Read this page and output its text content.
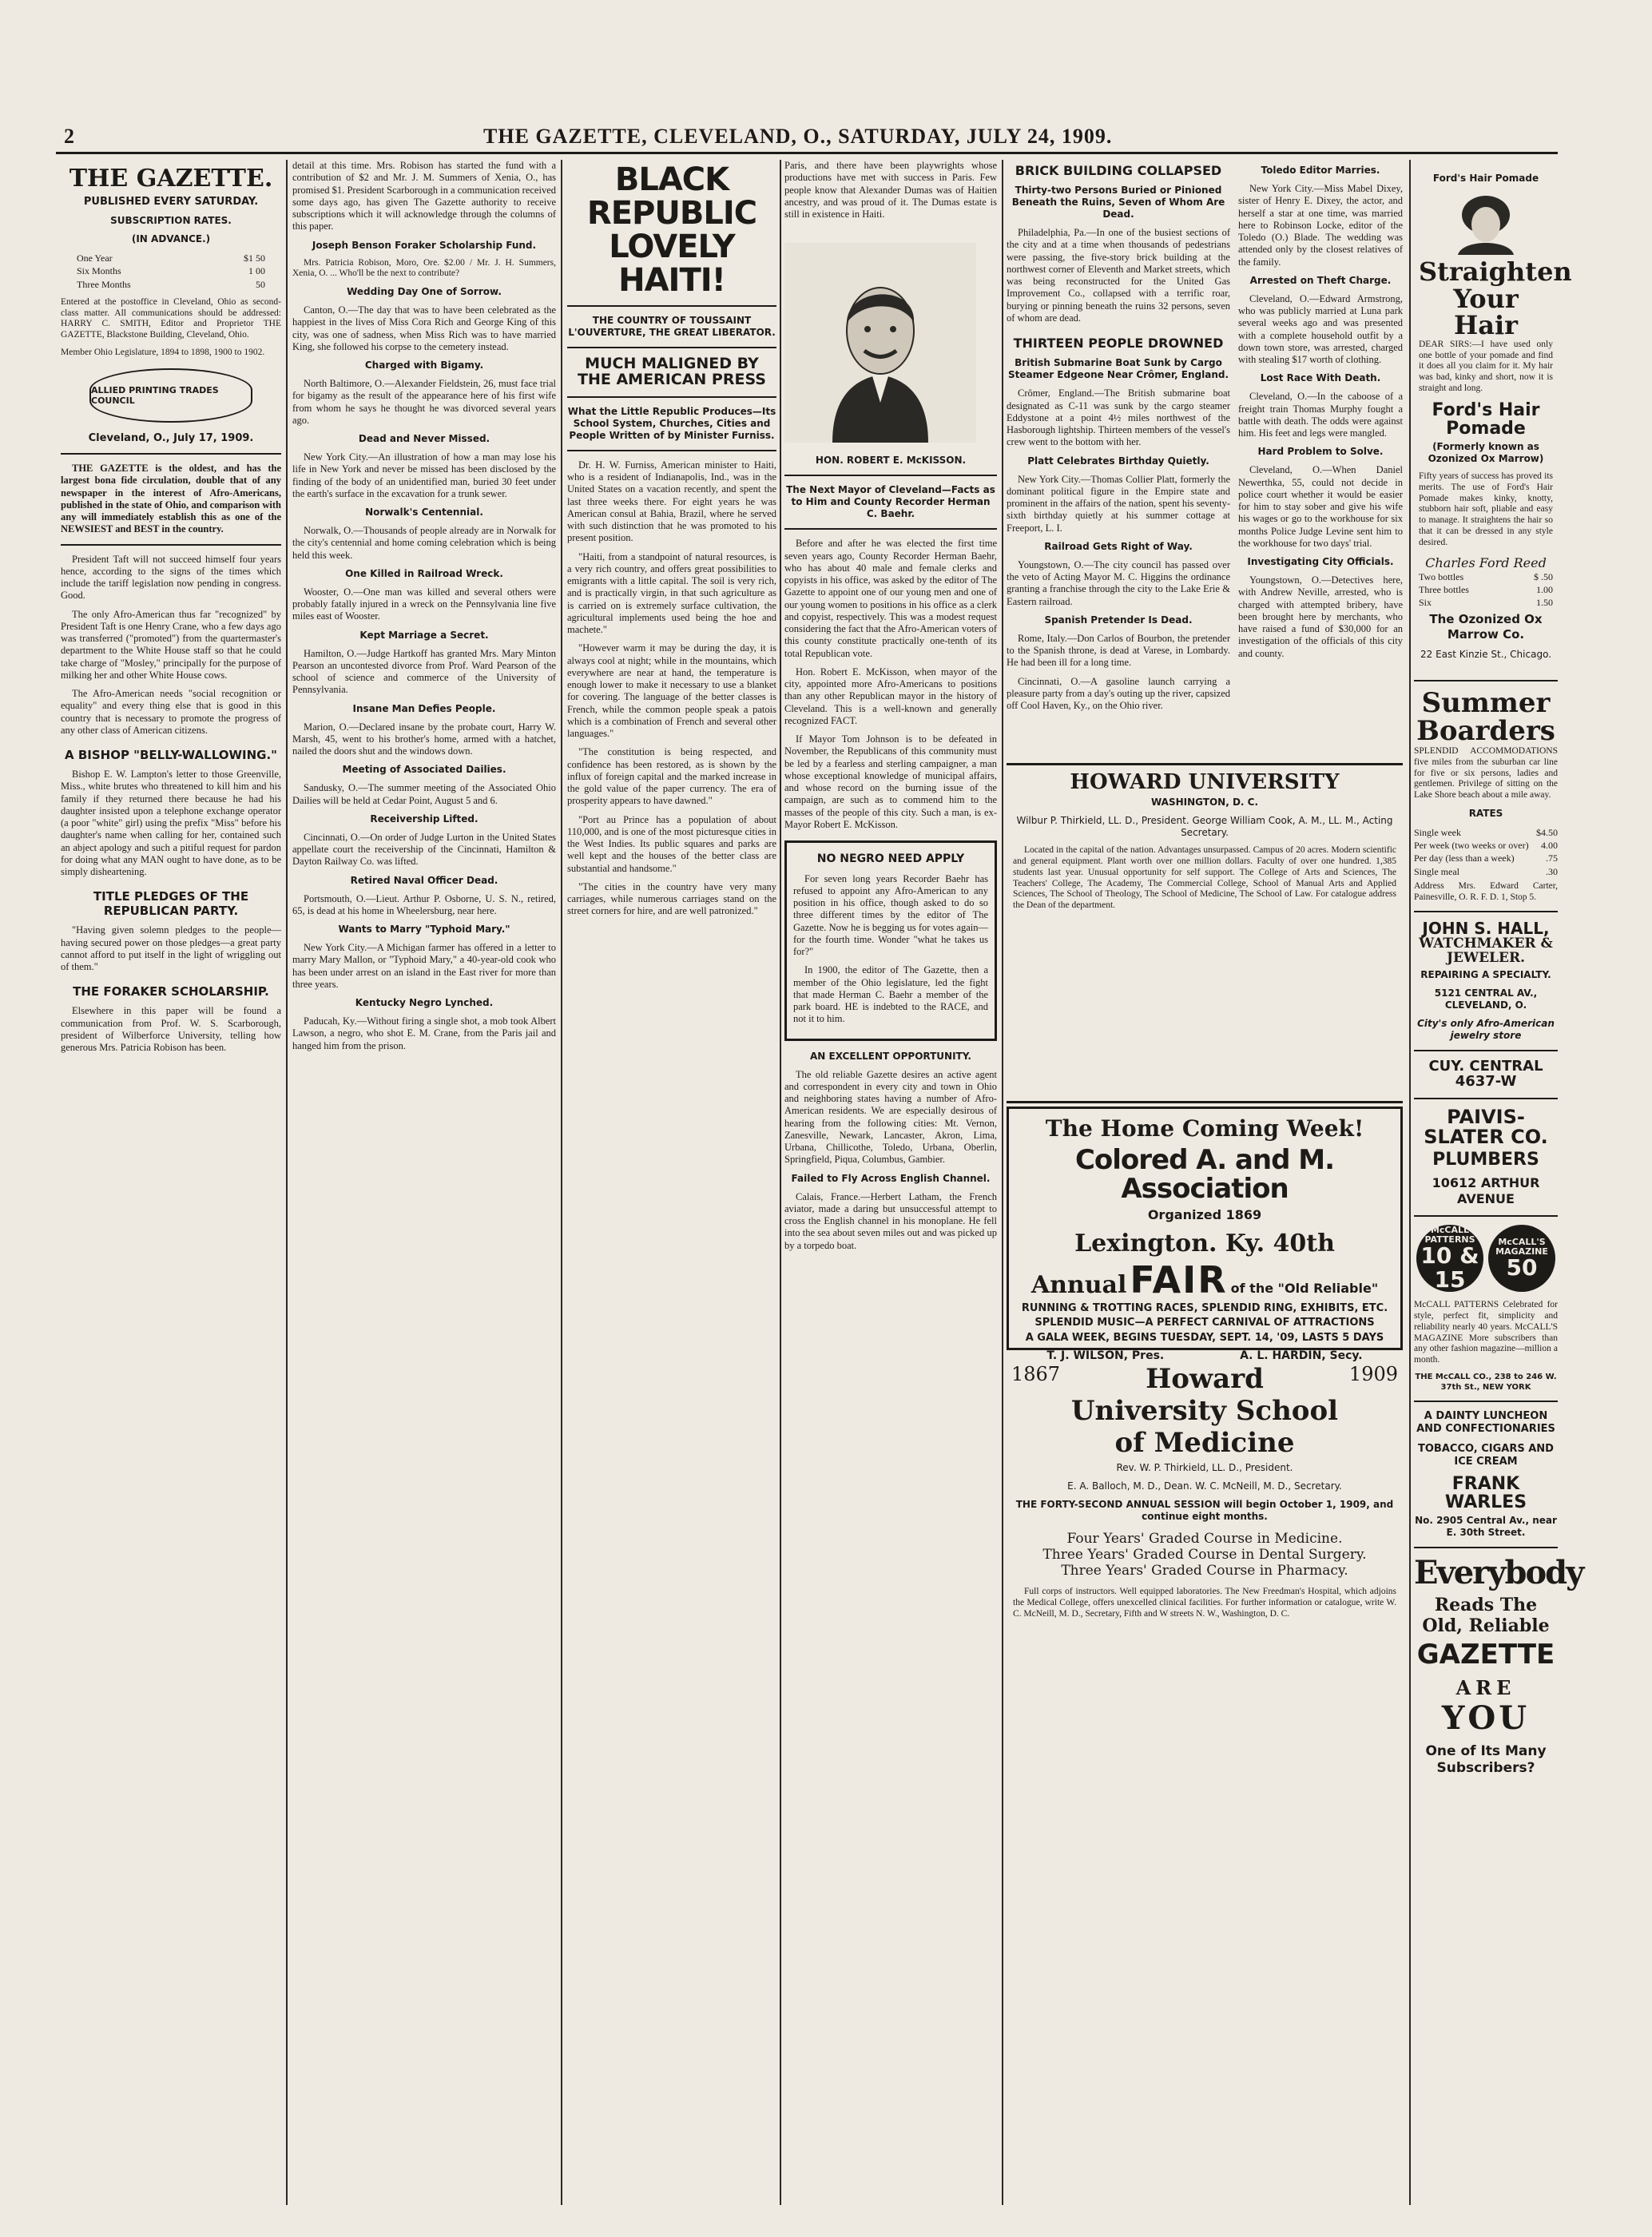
2	THE GAZETTE, CLEVELAND, O., SATURDAY, JULY 24, 1909.
THE GAZETTE.
PUBLISHED EVERY SATURDAY.
SUBSCRIPTION RATES.
(IN ADVANCE.)
One Year	$1 50
Six Months	1 00
Three Months	50

Entered at the postoffice in Cleveland, Ohio as second-class matter. All communications should be addressed: HARRY C. SMITH, Editor and Proprietor THE GAZETTE, Blackstone Building, Cleveland, Ohio.

Member Ohio Legislature, 1894 to 1898, 1900 to 1902.

ALLIED PRINTING TRADES COUNCIL
Cleveland, O., July 17, 1909.

THE GAZETTE is the oldest, and has the largest bona fide circulation, double that of any newspaper in the interest of Afro-Americans, published in the state of Ohio, and comparison with any will immediately establish this as one of the NEWSIEST and BEST in the country.

President Taft will not succeed himself four years hence, according to the signs of the times which include the tariff legislation now pending in congress. Good.

The only Afro-American thus far "recognized" by President Taft is one Henry Crane, who a few days ago was transferred ("promoted") from the quartermaster's department to the White House staff so that he could take charge of "Mosley," principally for the purpose of milking her and other White House cows.

The Afro-American needs "social recognition or equality" and every thing else that is good in this country that is necessary to promote the progress of any other class of American citizens.

A BISHOP "BELLY-WALLOWING."

Bishop E. W. Lampton's letter to those Greenville, Miss., white brutes who threatened to kill him and his family if they returned there because he had his daughter insisted upon a telephone exchange operator (a poor "white" girl) using the prefix "Miss" before his daughter's name when calling for her, contained such an abject apology and such a pitiful request for pardon for doing what any MAN ought to have done, as to be simply disheartening.

TITLE PLEDGES OF THE REPUBLICAN PARTY.

"Having given solemn pledges to the people—having secured power on those pledges—a great party cannot afford to put itself in the light of wriggling out of them."

THE FORAKER SCHOLARSHIP.

Elsewhere in this paper will be found a communication from Prof. W. S. Scarborough, president of Wilberforce University, telling how generous Mrs. Patricia Robison has been.

detail at this time. Mrs. Robison has started the fund with a contribution of $2 and Mr. J. M. Summers of Xenia, O., has promised $1. President Scarborough in a communication received some days ago, has given The Gazette authority to receive subscriptions which it will acknowledge through the columns of this paper.

Joseph Benson Foraker Scholarship Fund.

Mrs. Patricia Robison, Moro, Ore. $2.00 / Mr. J. H. Summers, Xenia, O. ... Who'll be the next to contribute?

Wedding Day One of Sorrow.

Canton, O.—The day that was to have been celebrated as the happiest in the lives of Miss Cora Rich and George King of this city, was one of sadness, when Miss Rich was to have married King, she followed his corpse to the cemetery instead.

Charged with Bigamy.

North Baltimore, O.—Alexander Fieldstein, 26, must face trial for bigamy as the result of the appearance here of his first wife from whom he says he thought he was divorced several years ago.

Dead and Never Missed.

New York City.—An illustration of how a man may lose his life in New York and never be missed has been disclosed by the finding of the body of an unidentified man, buried 30 feet under the earth's surface in the excavation for a trunk sewer.

Norwalk's Centennial.

Norwalk, O.—Thousands of people already are in Norwalk for the city's centennial and home coming celebration which is being held this week.

One Killed in Railroad Wreck.

Wooster, O.—One man was killed and several others were probably fatally injured in a wreck on the Pennsylvania line five miles east of Wooster.

Kept Marriage a Secret.

Hamilton, O.—Judge Hartkoff has granted Mrs. Mary Minton Pearson an uncontested divorce from Prof. Ward Pearson of the school of science and commerce of the University of Pennsylvania.

Insane Man Defies People.

Marion, O.—Declared insane by the probate court, Harry W. Marsh, 45, went to his brother's home, armed with a hatchet, nailed the doors shut and the windows down.

Meeting of Associated Dailies.

Sandusky, O.—The summer meeting of the Associated Ohio Dailies will be held at Cedar Point, August 5 and 6.

Receivership Lifted.

Cincinnati, O.—On order of Judge Lurton in the United States appellate court the receivership of the Cincinnati, Hamilton & Dayton Railway Co. was lifted.

Retired Naval Officer Dead.

Portsmouth, O.—Lieut. Arthur P. Osborne, U. S. N., retired, 65, is dead at his home in Wheelersburg, near here.

Wants to Marry "Typhoid Mary."

New York City.—A Michigan farmer has offered in a letter to marry Mary Mallon, or "Typhoid Mary," a 40-year-old cook who has been under arrest on an island in the East river for more than three years.

Kentucky Negro Lynched.

Paducah, Ky.—Without firing a single shot, a mob took Albert Lawson, a negro, who shot E. M. Crane, from the Paris jail and hanged him from the prison.

BLACK REPUBLIC LOVELY HAITI!
THE COUNTRY OF TOUSSAINT L'OUVERTURE, THE GREAT LIBERATOR.
MUCH MALIGNED BY THE AMERICAN PRESS
What the Little Republic Produces—Its School System, Churches, Cities and People Written of by Minister Furniss.

Dr. H. W. Furniss, American minister to Haiti, who is a resident of Indianapolis, Ind., was in the United States on a vacation recently, and spent the last three weeks there. For eight years he was American consul at Bahia, Brazil, where he served with such distinction that he was promoted to his present position.

"Haiti, from a standpoint of natural resources, is a very rich country, and offers great possibilities to emigrants with a little capital. The soil is very rich, and is practically virgin, in that such agriculture as is carried on is extremely surface cultivation, the agricultural implements used being the hoe and machete."

"However warm it may be during the day, it is always cool at night; while in the mountains, which everywhere are near at hand, the temperature is enough lower to make it necessary to use a blanket for covering. The language of the better classes is French, while the common people speak a patois which is a combination of French and several other languages."

"The constitution is being respected, and confidence has been restored, as is shown by the influx of foreign capital and the marked increase in the gold value of the paper currency. The era of prosperity appears to have dawned."

"Port au Prince has a population of about 110,000, and is one of the most picturesque cities in the West Indies. Its public squares and parks are well kept and the houses of the better class are substantial and handsome."

"The cities in the country have very many carriages, while numerous carriages stand on the street corners for hire, and are well patronized."

Paris, and there have been playwrights whose productions have met with success in Paris. Few people know that Alexander Dumas was of Haitien ancestry, and was proud of it. The Dumas estate is still in existence in Haiti.

HON. ROBERT E. McKISSON.
The Next Mayor of Cleveland—Facts as to Him and County Recorder Herman C. Baehr.

Before and after he was elected the first time seven years ago, County Recorder Herman Baehr, who has about 40 male and female clerks and copyists in his office, was asked by the editor of The Gazette to appoint one of our young men and one of our young women to positions in his office as a clerk and copyist, respectively. This was a modest request considering the fact that the Afro-American voters of this county constitute practically one-tenth of its total Republican vote.

Hon. Robert E. McKisson, when mayor of the city, appointed more Afro-Americans to positions than any other Republican mayor in the history of Cleveland. This is a well-known and generally recognized FACT.

If Mayor Tom Johnson is to be defeated in November, the Republicans of this community must be led by a fearless and sterling campaigner, a man whose exceptional knowledge of municipal affairs, and whose record on the burning issue of the campaign, are such as to commend him to the masses of the people of this city. Such a man, is ex-Mayor Robert E. McKisson.

NO NEGRO NEED APPLY

For seven long years Recorder Baehr has refused to appoint any Afro-American to any position in his office, though asked to do so three different times by the editor of The Gazette. Now he is begging us for votes again—for the fourth time. Wonder "what he takes us for?"

In 1900, the editor of The Gazette, then a member of the Ohio legislature, led the fight that made Herman C. Baehr a member of the park board. HE is indebted to the RACE, and not it to him.

AN EXCELLENT OPPORTUNITY.

The old reliable Gazette desires an active agent and correspondent in every city and town in Ohio and neighboring states having a number of Afro-American residents. We are especially desirous of hearing from the following cities: Mt. Vernon, Zanesville, Newark, Lancaster, Akron, Lima, Urbana, Chillicothe, Toledo, Urbana, Oberlin, Springfield, Piqua, Columbus, Gambier.

Failed to Fly Across English Channel.

Calais, France.—Herbert Latham, the French aviator, made a daring but unsuccessful attempt to cross the English channel in his monoplane. He fell into the sea about seven miles out and was picked up by a torpedo boat.

BRICK BUILDING COLLAPSED
Thirty-two Persons Buried or Pinioned Beneath the Ruins, Seven of Whom Are Dead.

Philadelphia, Pa.—In one of the busiest sections of the city and at a time when thousands of pedestrians were passing, the five-story brick building at the northwest corner of Eleventh and Market streets, which was being reconstructed for the United Gas Improvement Co., collapsed with a terrific roar, burying or pinning beneath the ruins 32 persons, seven of whom are dead.

THIRTEEN PEOPLE DROWNED
British Submarine Boat Sunk by Cargo Steamer Edgeone Near Crômer, England.

Crômer, England.—The British submarine boat designated as C-11 was sunk by the cargo steamer Eddystone at a point 4½ miles northwest of the Hasborough lightship. Thirteen members of the vessel's crew went to the bottom with her.

Platt Celebrates Birthday Quietly.

New York City.—Thomas Collier Platt, formerly the dominant political figure in the Empire state and prominent in the affairs of the nation, spent his seventy-sixth birthday quietly at his summer cottage at Freeport, L. I.

Railroad Gets Right of Way.

Youngstown, O.—The city council has passed over the veto of Acting Mayor M. C. Higgins the ordinance granting a franchise through the city to the Lake Erie & Eastern railroad.

Spanish Pretender Is Dead.

Rome, Italy.—Don Carlos of Bourbon, the pretender to the Spanish throne, is dead at Varese, in Lombardy. He had been ill for a long time.

Cincinnati, O.—A gasoline launch carrying a pleasure party from a day's outing up the river, capsized off Cool Haven, Ky., on the Ohio river.

Toledo Editor Marries.

New York City.—Miss Mabel Dixey, sister of Henry E. Dixey, the actor, and herself a star at one time, was married here to Robinson Locke, editor of the Toledo (O.) Blade. The wedding was attended only by the closest relatives of the family.

Arrested on Theft Charge.

Cleveland, O.—Edward Armstrong, who was publicly married at Luna park several weeks ago and was presented with a complete household outfit by a down town store, was arrested, charged with stealing $17 worth of clothing.

Lost Race With Death.

Cleveland, O.—In the caboose of a freight train Thomas Murphy fought a battle with death. The odds were against him. His feet and legs were mangled.

Hard Problem to Solve.

Cleveland, O.—When Daniel Newerthka, 55, could not decide in police court whether it would be easier for him to stay sober and give his wife his wages or go to the workhouse for six months Police Judge Levine sent him to the workhouse for two days' trial.

Investigating City Officials.

Youngstown, O.—Detectives here, with Andrew Neville, arrested, who is charged with attempted bribery, have been brought here by merchants, who have raised a fund of $30,000 for an investigation of the officials of this city and county.

HOWARD UNIVERSITY
WASHINGTON, D. C.
Wilbur P. Thirkield, LL. D., President. George William Cook, A. M., LL. M., Acting Secretary.

Located in the capital of the nation. Advantages unsurpassed. Campus of 20 acres. Modern scientific and general equipment. Plant worth over one million dollars. Faculty of over one hundred. 1,385 students last year. Unusual opportunity for self support. The College of Arts and Sciences, The Teachers' College, The Academy, The Commercial College, School of Manual Arts and Applied Sciences, The School of Theology, The School of Medicine, The School of Law. For catalogue address the Dean of the department.

The Home Coming Week!
Colored A. and M. Association
Organized 1869
Lexington. Ky. 40th
Annual FAIR of the "Old Reliable"
RUNNING & TROTTING RACES, SPLENDID RING, EXHIBITS, ETC.
SPLENDID MUSIC—A PERFECT CARNIVAL OF ATTRACTIONS
A GALA WEEK, BEGINS TUESDAY, SEPT. 14, '09, LASTS 5 DAYS
T. J. WILSON, Pres.	A. L. HARDIN, Secy.
1867	1909
Howard
University School
of Medicine
Rev. W. P. Thirkield, LL. D., President.
E. A. Balloch, M. D., Dean. W. C. McNeill, M. D., Secretary.
THE FORTY-SECOND ANNUAL SESSION will begin October 1, 1909, and continue eight months.
Four Years' Graded Course in Medicine.
Three Years' Graded Course in Dental Surgery.
Three Years' Graded Course in Pharmacy.

Full corps of instructors. Well equipped laboratories. The New Freedman's Hospital, which adjoins the Medical College, offers unexcelled clinical facilities. For further information or catalogue, write W. C. McNeill, M. D., Secretary, Fifth and W streets N. W., Washington, D. C.

Ford's Hair Pomade
Straighten Your Hair

DEAR SIRS:—I have used only one bottle of your pomade and find it does all you claim for it. My hair was bad, kinky and short, now it is straight and long.

Ford's Hair Pomade
(Formerly known as Ozonized Ox Marrow)

Fifty years of success has proved its merits. The use of Ford's Hair Pomade makes kinky, knotty, stubborn hair soft, pliable and easy to manage. It straightens the hair so that it can be dressed in any style desired.

Charles Ford Reed
Two bottles	$ .50
Three bottles	1.00
Six	1.50
The Ozonized Ox Marrow Co.
22 East Kinzie St., Chicago.
Summer Boarders

SPLENDID ACCOMMODATIONS five miles from the suburban car line for five or six persons, ladies and gentlemen. Privilege of sitting on the Lake Shore beach about a mile away.

RATES
Single week	$4.50
Per week (two weeks or over) 4.00
Per day (less than a week)	.75
Single meal	.30

Address Mrs. Edward Carter, Painesville, O. R. F. D. 1, Stop 5.

JOHN S. HALL,
WATCHMAKER & JEWELER.
REPAIRING A SPECIALTY.
5121 CENTRAL AV., CLEVELAND, O.
City's only Afro-American jewelry store
CUY. CENTRAL 4637-W
PAIVIS-SLATER CO.
PLUMBERS
10612 ARTHUR AVENUE
McCALL PATTERNS
10 & 15
McCALL'S MAGAZINE
50

McCALL PATTERNS Celebrated for style, perfect fit, simplicity and reliability nearly 40 years. McCALL'S MAGAZINE More subscribers than any other fashion magazine—million a month.

THE McCALL CO., 238 to 246 W. 37th St., NEW YORK
A DAINTY LUNCHEON AND CONFECTIONARIES
TOBACCO, CIGARS AND ICE CREAM
FRANK WARLES
No. 2905 Central Av., near E. 30th Street.
Everybody
Reads The Old, Reliable
GAZETTE
ARE
YOU
One of Its Many Subscribers?
